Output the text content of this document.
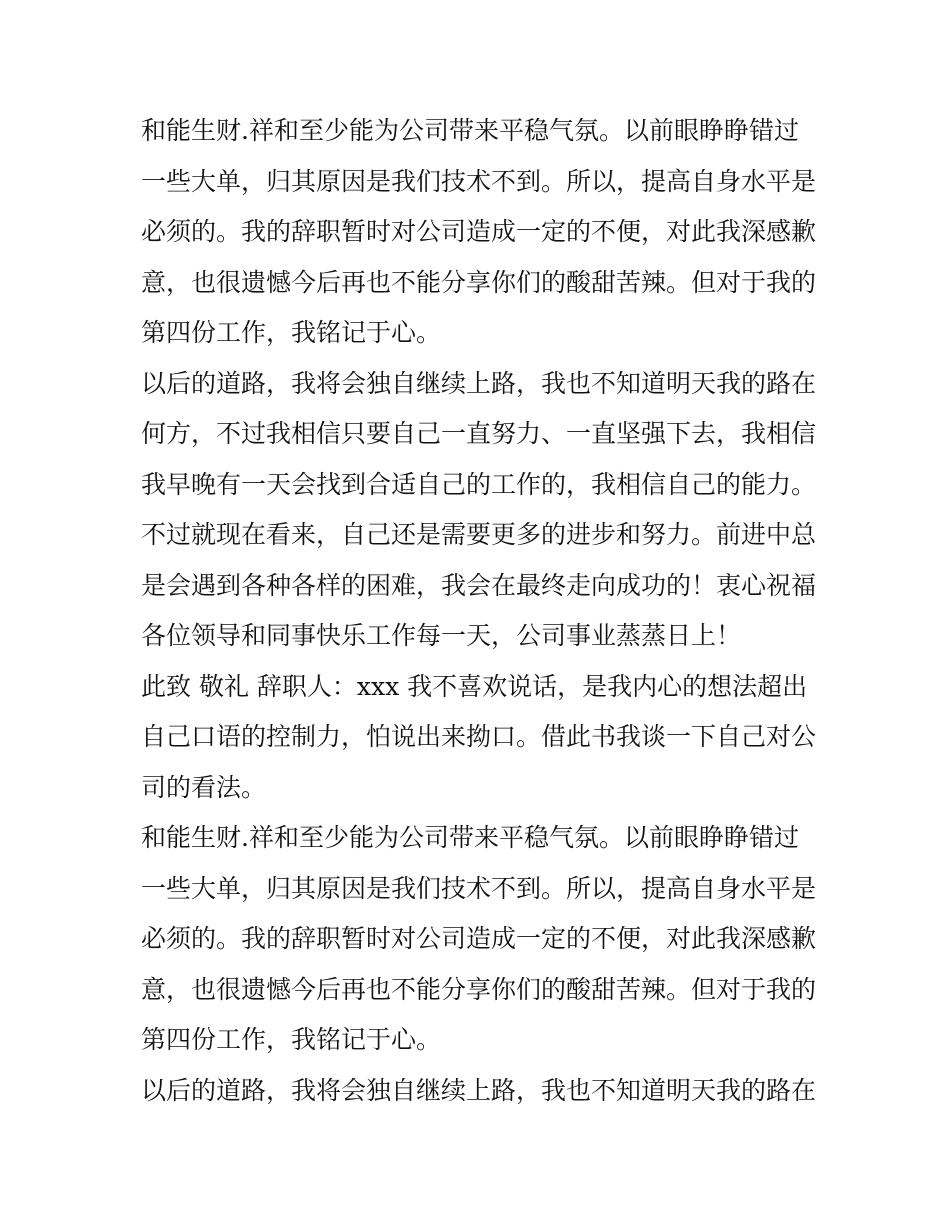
和能生财.祥和至少能为公司带来平稳气氛。以前眼睁睁错过
一些大单，归其原因是我们技术不到。所以，提高自身水平是
必须的。我的辞职暂时对公司造成一定的不便，对此我深感歉
意，也很遗憾今后再也不能分享你们的酸甜苦辣。但对于我的
第四份工作，我铭记于心。
以后的道路，我将会独自继续上路，我也不知道明天我的路在
何方，不过我相信只要自己一直努力、一直坚强下去，我相信
我早晚有一天会找到合适自己的工作的，我相信自己的能力。
不过就现在看来，自己还是需要更多的进步和努力。前进中总
是会遇到各种各样的困难，我会在最终走向成功的！衷心祝福
各位领导和同事快乐工作每一天，公司事业蒸蒸日上！
此致 敬礼 辞职人：xxx 我不喜欢说话，是我内心的想法超出
自己口语的控制力，怕说出来拗口。借此书我谈一下自己对公
司的看法。
和能生财.祥和至少能为公司带来平稳气氛。以前眼睁睁错过
一些大单，归其原因是我们技术不到。所以，提高自身水平是
必须的。我的辞职暂时对公司造成一定的不便，对此我深感歉
意，也很遗憾今后再也不能分享你们的酸甜苦辣。但对于我的
第四份工作，我铭记于心。
以后的道路，我将会独自继续上路，我也不知道明天我的路在
